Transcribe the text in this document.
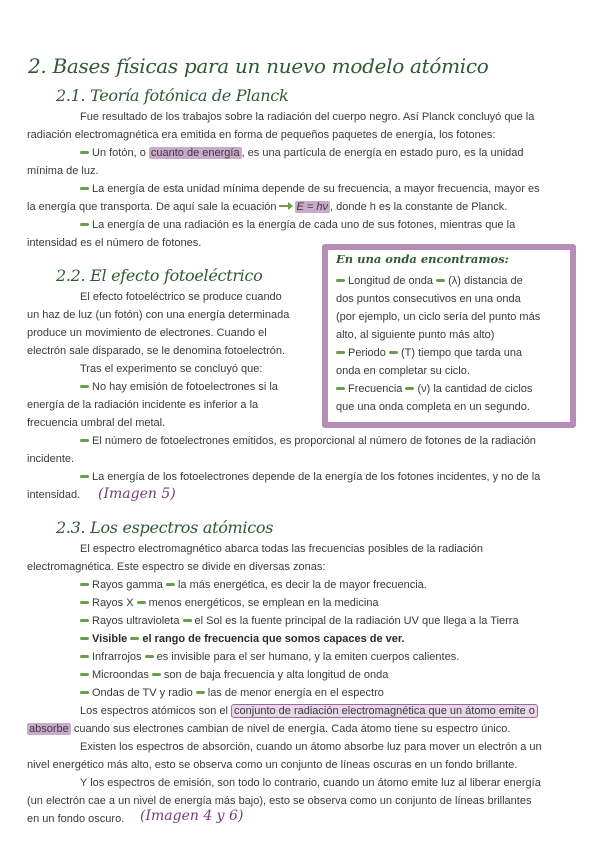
2. Bases físicas para un nuevo modelo atómico
2.1. Teoría fotónica de Planck

Fue resultado de los trabajos sobre la radiación del cuerpo negro. Así Planck concluyó que la

radiación electromagnética era emitida en forma de pequeños paquetes de energía, los fotones:

Un fotón, o cuanto de energía , es una partícula de energía en estado puro, es la unidad

mínima de luz.

La energía de esta unidad mínima depende de su frecuencia, a mayor frecuencia, mayor es

la energía que transporta. De aquí sale la ecuación E = hν , donde h es la constante de Planck.

La energía de una radiación es la energía de cada uno de sus fotones, mientras que la

intensidad es el número de fotones.

2.2. El efecto fotoeléctrico

El efecto fotoeléctrico se produce cuando

un haz de luz (un fotón) con una energía determinada

produce un movimiento de electrones. Cuando el

electrón sale disparado, se le denomina fotoelectrón.

Tras el experimento se concluyó que:

No hay emisión de fotoelectrones si la

energía de la radiación incidente es inferior a la

frecuencia umbral del metal.

El número de fotoelectrones emitidos, es proporcional al número de fotones de la radiación

incidente.

La energía de los fotoelectrones depende de la energía de los fotones incidentes, y no de la

intensidad. (Imagen 5)
En una onda encontramos:

Longitud de onda (λ) distancia de

dos puntos consecutivos en una onda

(por ejemplo, un ciclo sería del punto más

alto, al siguiente punto más alto)

Periodo (T) tiempo que tarda una

onda en completar su ciclo.

Frecuencia (ν) la cantidad de ciclos

que una onda completa en un segundo.

2.3. Los espectros atómicos

El espectro electromagnético abarca todas las frecuencias posibles de la radiación

electromagnética. Este espectro se divide en diversas zonas:

Rayos gamma la más energética, es decir la de mayor frecuencia.

Rayos X menos energéticos, se emplean en la medicina

Rayos ultravioleta el Sol es la fuente principal de la radiación UV que llega a la Tierra

Visible el rango de frecuencia que somos capaces de ver.

Infrarrojos es invisible para el ser humano, y la emiten cuerpos calientes.

Microondas son de baja frecuencia y alta longitud de onda

Ondas de TV y radio las de menor energía en el espectro

Los espectros atómicos son el conjunto de radiación electromagnética que un átomo emite o

absorbe cuando sus electrones cambian de nivel de energía. Cada átomo tiene su espectro único.

Existen los espectros de absorción, cuando un átomo absorbe luz para mover un electrón a un

nivel energético más alto, esto se observa como un conjunto de líneas oscuras en un fondo brillante.

Y los espectros de emisión, son todo lo contrario, cuando un átomo emite luz al liberar energía

(un electrón cae a un nivel de energía más bajo), esto se observa como un conjunto de líneas brillantes

en un fondo oscuro. (Imagen 4 y 6)
